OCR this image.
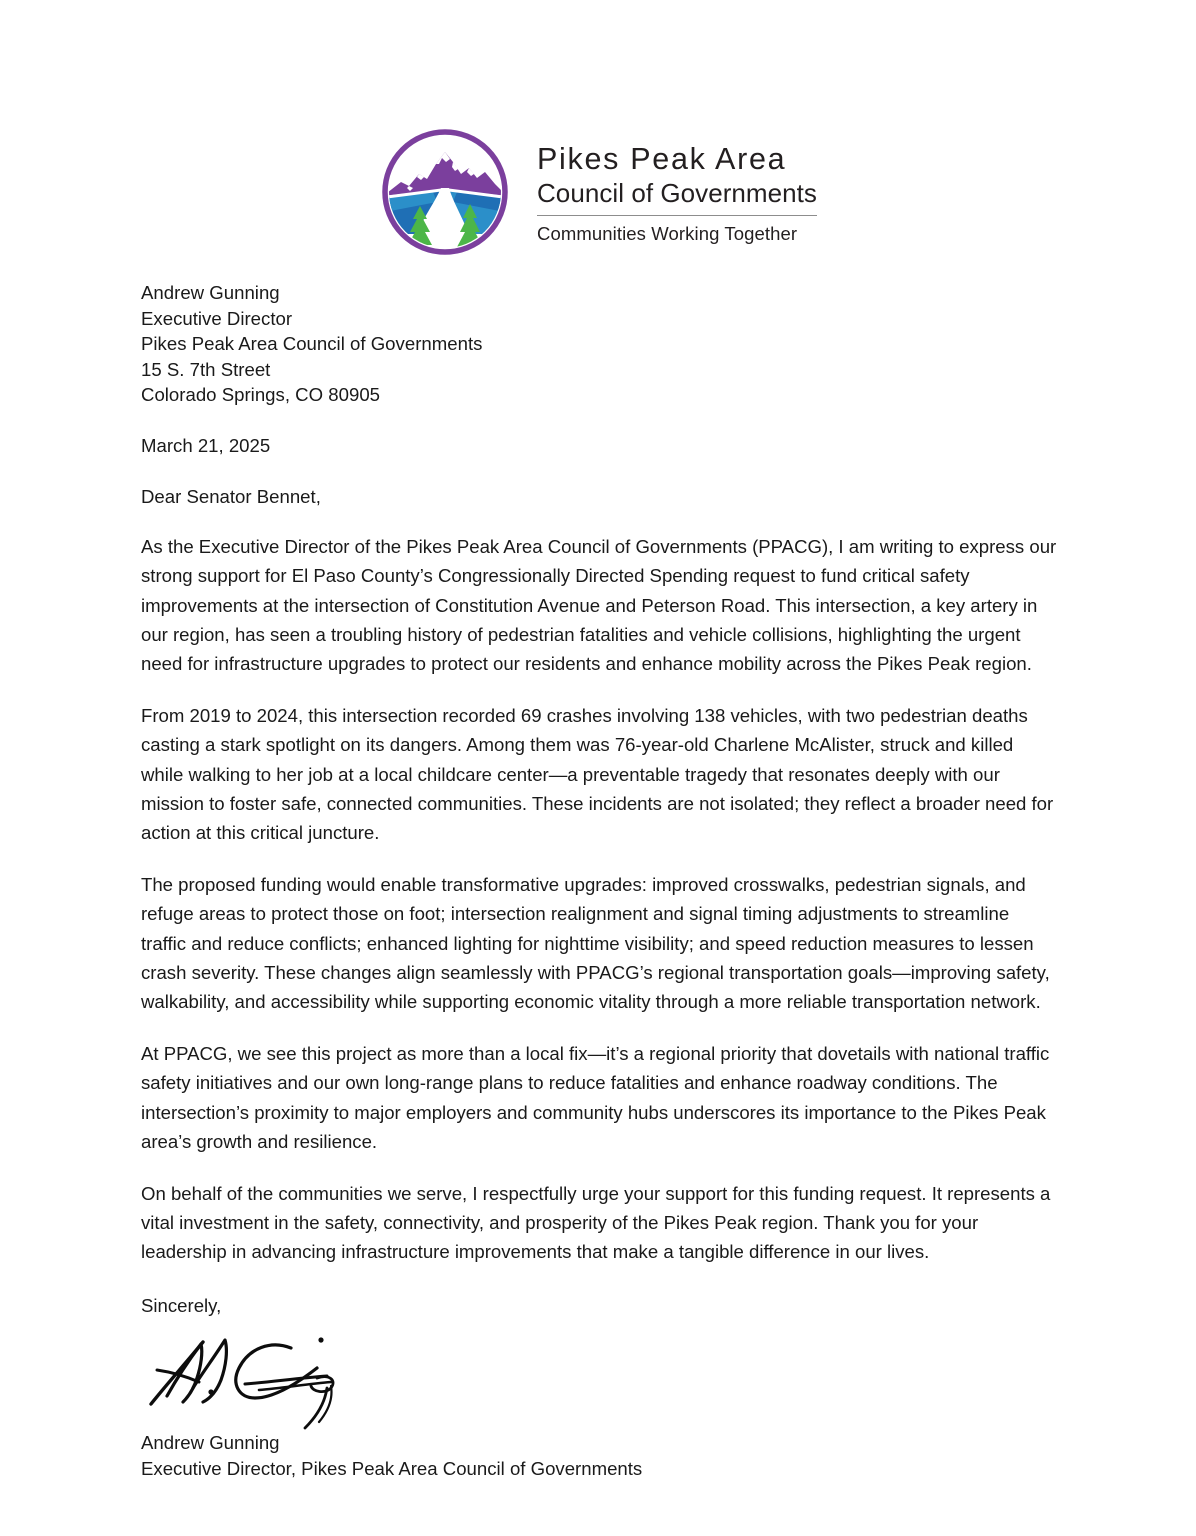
Pikes Peak Area
Council of Governments
Communities Working Together
Andrew Gunning
Executive Director
Pikes Peak Area Council of Governments
15 S. 7th Street
Colorado Springs, CO 80905
March 21, 2025
Dear Senator Bennet,

As the Executive Director of the Pikes Peak Area Council of Governments (PPACG), I am writing to express our strong support for El Paso County’s Congressionally Directed Spending request to fund critical safety improvements at the intersection of Constitution Avenue and Peterson Road. This intersection, a key artery in our region, has seen a troubling history of pedestrian fatalities and vehicle collisions, highlighting the urgent need for infrastructure upgrades to protect our residents and enhance mobility across the Pikes Peak region.

From 2019 to 2024, this intersection recorded 69 crashes involving 138 vehicles, with two pedestrian deaths casting a stark spotlight on its dangers. Among them was 76-year-old Charlene McAlister, struck and killed while walking to her job at a local childcare center—a preventable tragedy that resonates deeply with our mission to foster safe, connected communities. These incidents are not isolated; they reflect a broader need for action at this critical juncture.

The proposed funding would enable transformative upgrades: improved crosswalks, pedestrian signals, and refuge areas to protect those on foot; intersection realignment and signal timing adjustments to streamline traffic and reduce conflicts; enhanced lighting for nighttime visibility; and speed reduction measures to lessen crash severity. These changes align seamlessly with PPACG’s regional transportation goals—improving safety, walkability, and accessibility while supporting economic vitality through a more reliable transportation network.

At PPACG, we see this project as more than a local fix—it’s a regional priority that dovetails with national traffic safety initiatives and our own long-range plans to reduce fatalities and enhance roadway conditions. The intersection’s proximity to major employers and community hubs underscores its importance to the Pikes Peak area’s growth and resilience.

On behalf of the communities we serve, I respectfully urge your support for this funding request. It represents a vital investment in the safety, connectivity, and prosperity of the Pikes Peak region. Thank you for your leadership in advancing infrastructure improvements that make a tangible difference in our lives.

Sincerely,
Andrew Gunning
Executive Director, Pikes Peak Area Council of Governments
